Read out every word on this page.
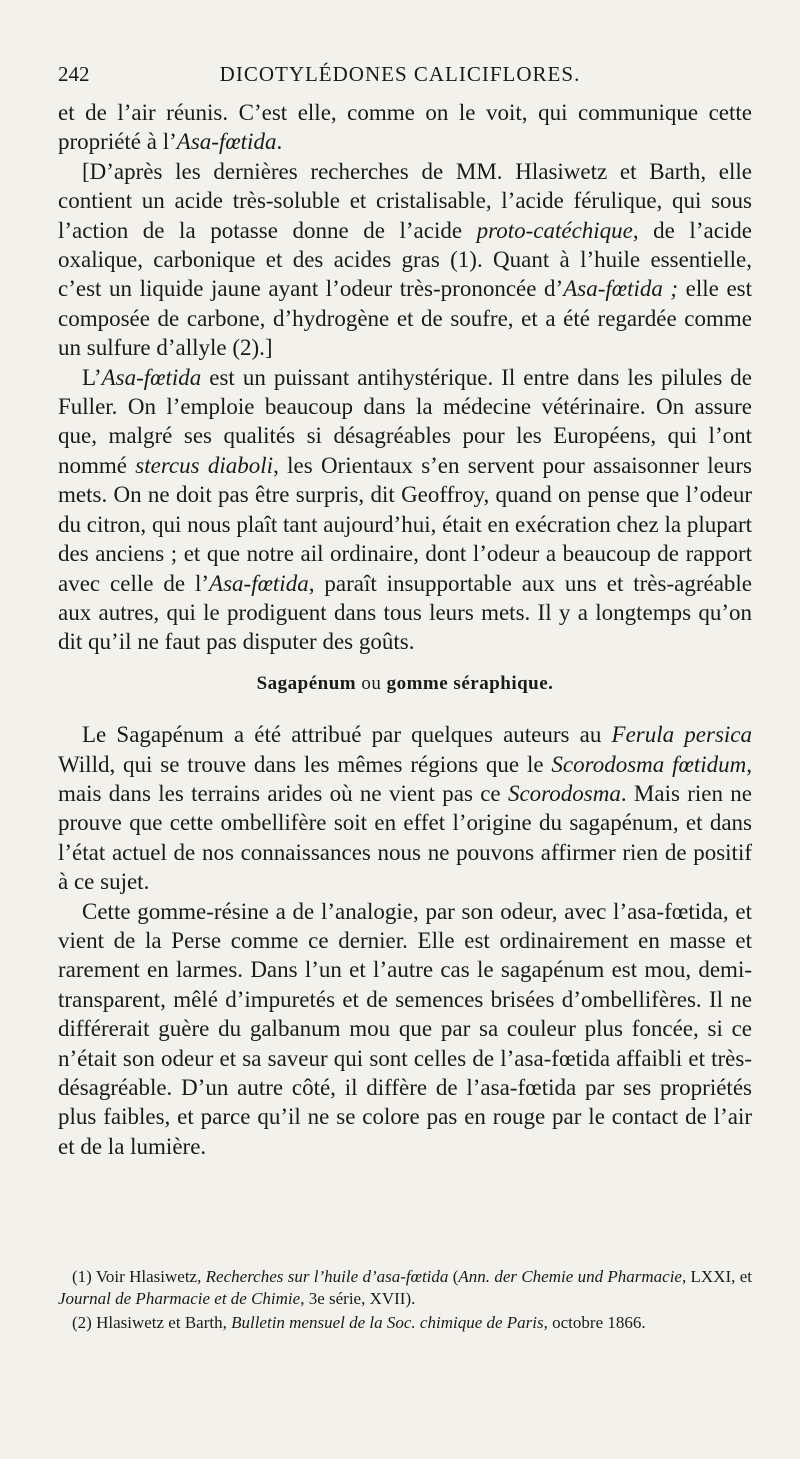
242	DICOTYLÉDONES CALICIFLORES.

et de l’air réunis. C’est elle, comme on le voit, qui communique cette propriété à l’Asa-fœtida.

[D’après les dernières recherches de MM. Hlasiwetz et Barth, elle contient un acide très-soluble et cristalisable, l’acide férulique, qui sous l’action de la potasse donne de l’acide proto-catéchique, de l’acide oxalique, carbonique et des acides gras (1). Quant à l’huile essentielle, c’est un liquide jaune ayant l’odeur très-prononcée d’Asa-fœtida ; elle est composée de carbone, d’hydrogène et de soufre, et a été regardée comme un sulfure d’allyle (2).]

L’Asa-fœtida est un puissant antihystérique. Il entre dans les pilules de Fuller. On l’emploie beaucoup dans la médecine vétérinaire. On assure que, malgré ses qualités si désagréables pour les Européens, qui l’ont nommé stercus diaboli, les Orientaux s’en servent pour assaisonner leurs mets. On ne doit pas être surpris, dit Geoffroy, quand on pense que l’odeur du citron, qui nous plaît tant aujourd’hui, était en exécration chez la plupart des anciens ; et que notre ail ordinaire, dont l’odeur a beaucoup de rapport avec celle de l’Asa-fœtida, paraît insupportable aux uns et très-agréable aux autres, qui le prodiguent dans tous leurs mets. Il y a longtemps qu’on dit qu’il ne faut pas disputer des goûts.

Sagapénum ou gomme séraphique.

Le Sagapénum a été attribué par quelques auteurs au Ferula persica Willd, qui se trouve dans les mêmes régions que le Scorodosma fœtidum, mais dans les terrains arides où ne vient pas ce Scorodosma. Mais rien ne prouve que cette ombellifère soit en effet l’origine du sagapénum, et dans l’état actuel de nos connaissances nous ne pouvons affirmer rien de positif à ce sujet.

Cette gomme-résine a de l’analogie, par son odeur, avec l’asa-fœtida, et vient de la Perse comme ce dernier. Elle est ordinairement en masse et rarement en larmes. Dans l’un et l’autre cas le sagapénum est mou, demi-transparent, mêlé d’impuretés et de semences brisées d’ombellifères. Il ne différerait guère du galbanum mou que par sa couleur plus foncée, si ce n’était son odeur et sa saveur qui sont celles de l’asa-fœtida affaibli et très-désagréable. D’un autre côté, il diffère de l’asa-fœtida par ses propriétés plus faibles, et parce qu’il ne se colore pas en rouge par le contact de l’air et de la lumière.

(1) Voir Hlasiwetz, Recherches sur l’huile d’asa-fœtida (Ann. der Chemie und Pharmacie, LXXI, et Journal de Pharmacie et de Chimie, 3e série, XVII).

(2) Hlasiwetz et Barth, Bulletin mensuel de la Soc. chimique de Paris, octobre 1866.
